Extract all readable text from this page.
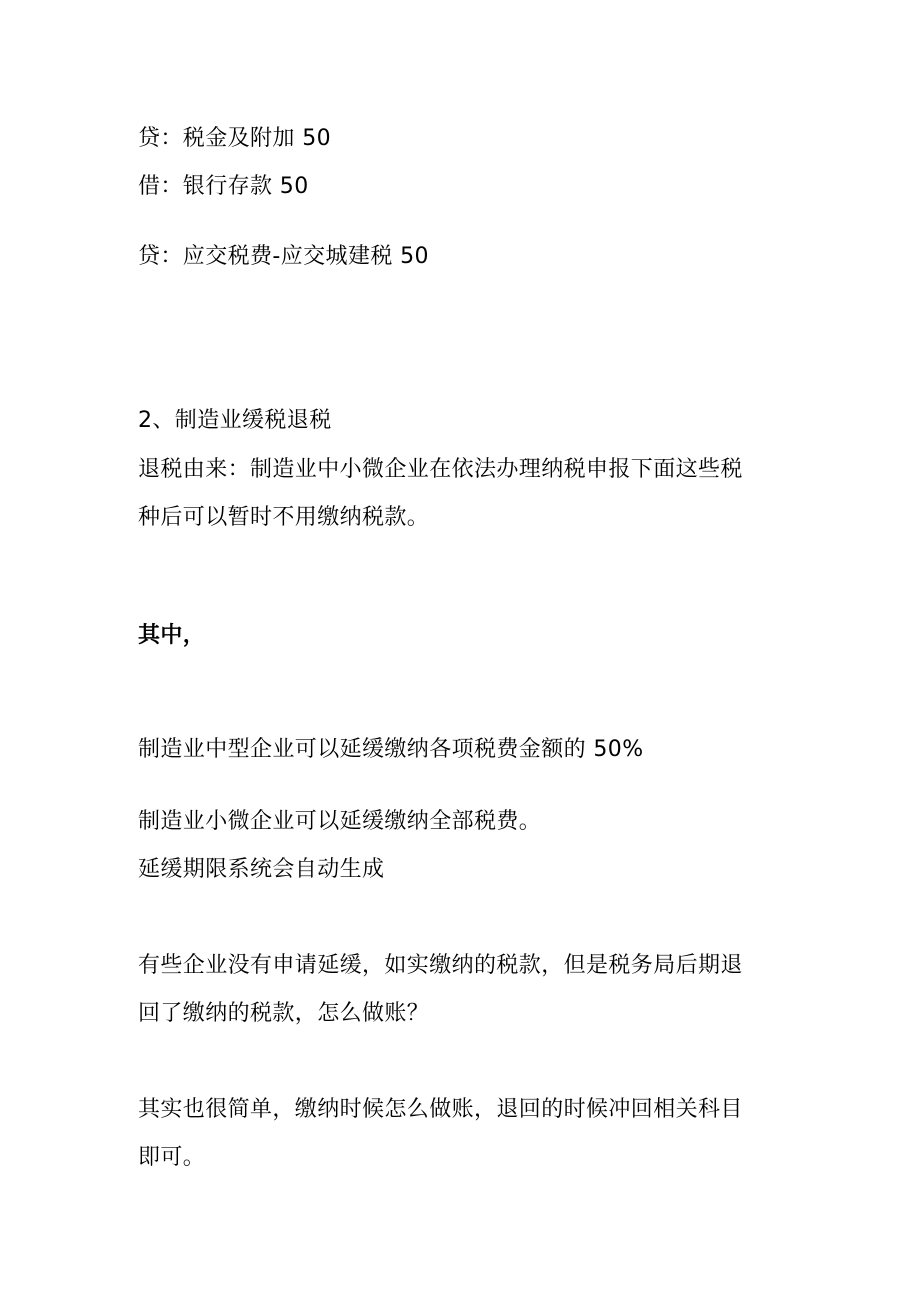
贷：税金及附加 50
借：银行存款 50
贷：应交税费-应交城建税 50
2、制造业缓税退税
退税由来：制造业中小微企业在依法办理纳税申报下面这些税
种后可以暂时不用缴纳税款。
其中，
制造业中型企业可以延缓缴纳各项税费金额的 50%
制造业小微企业可以延缓缴纳全部税费。
延缓期限系统会自动生成
有些企业没有申请延缓，如实缴纳的税款，但是税务局后期退
回了缴纳的税款，怎么做账？
其实也很简单，缴纳时候怎么做账，退回的时候冲回相关科目
即可。
